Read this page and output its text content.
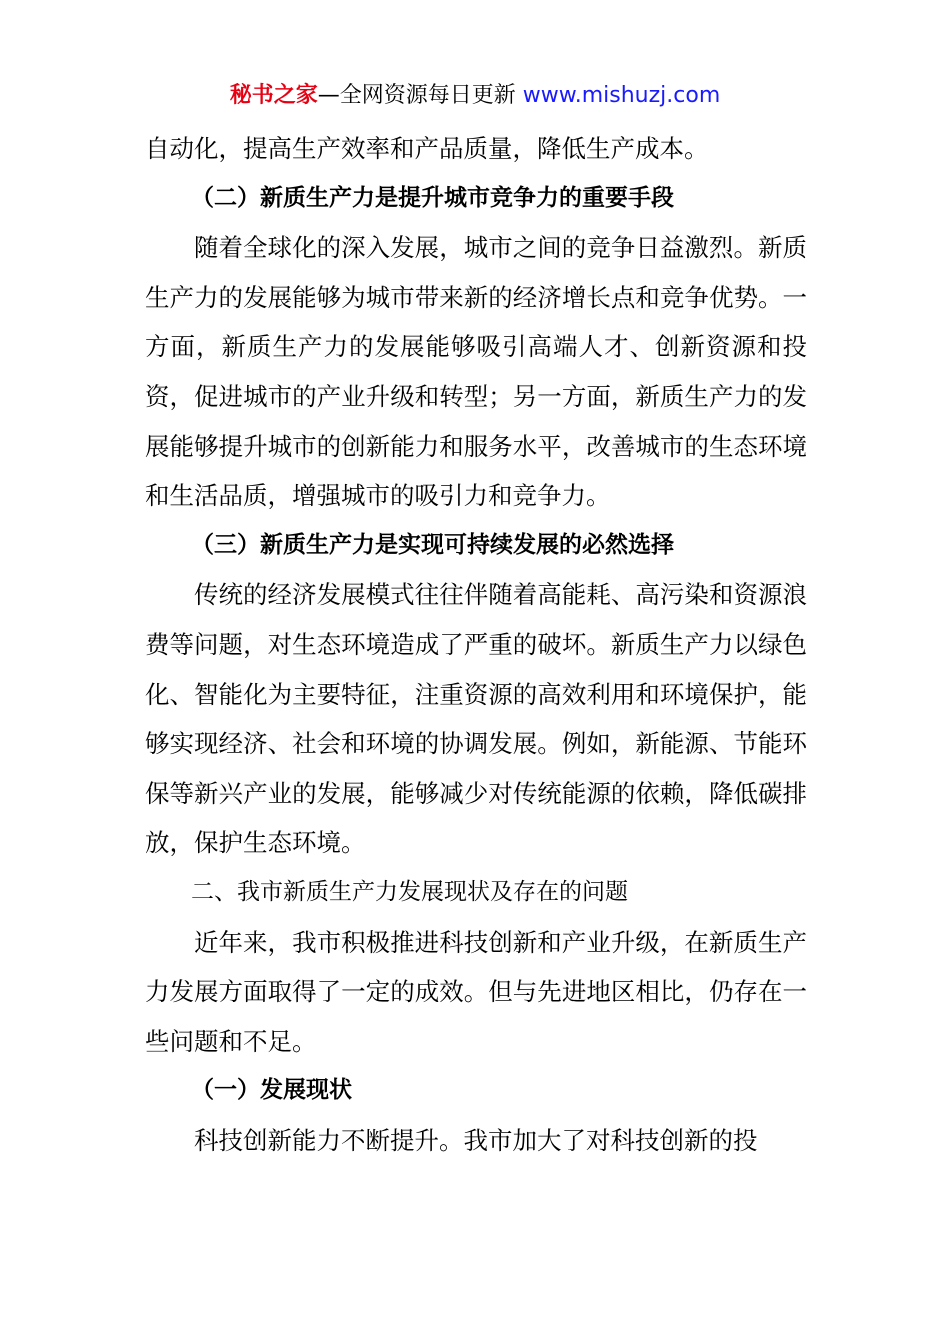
秘书之家—全网资源每日更新 www.mishuzj.com

自动化，提高生产效率和产品质量，降低生产成本。

（二）新质生产力是提升城市竞争力的重要手段

随着全球化的深入发展，城市之间的竞争日益激烈。新质生产力的发展能够为城市带来新的经济增长点和竞争优势。一方面，新质生产力的发展能够吸引高端人才、创新资源和投资，促进城市的产业升级和转型；另一方面，新质生产力的发展能够提升城市的创新能力和服务水平，改善城市的生态环境和生活品质，增强城市的吸引力和竞争力。

（三）新质生产力是实现可持续发展的必然选择

传统的经济发展模式往往伴随着高能耗、高污染和资源浪费等问题，对生态环境造成了严重的破坏。新质生产力以绿色化、智能化为主要特征，注重资源的高效利用和环境保护，能够实现经济、社会和环境的协调发展。例如，新能源、节能环保等新兴产业的发展，能够减少对传统能源的依赖，降低碳排放，保护生态环境。

二、我市新质生产力发展现状及存在的问题

近年来，我市积极推进科技创新和产业升级，在新质生产力发展方面取得了一定的成效。但与先进地区相比，仍存在一些问题和不足。

（一）发展现状

科技创新能力不断提升。我市加大了对科技创新的投
